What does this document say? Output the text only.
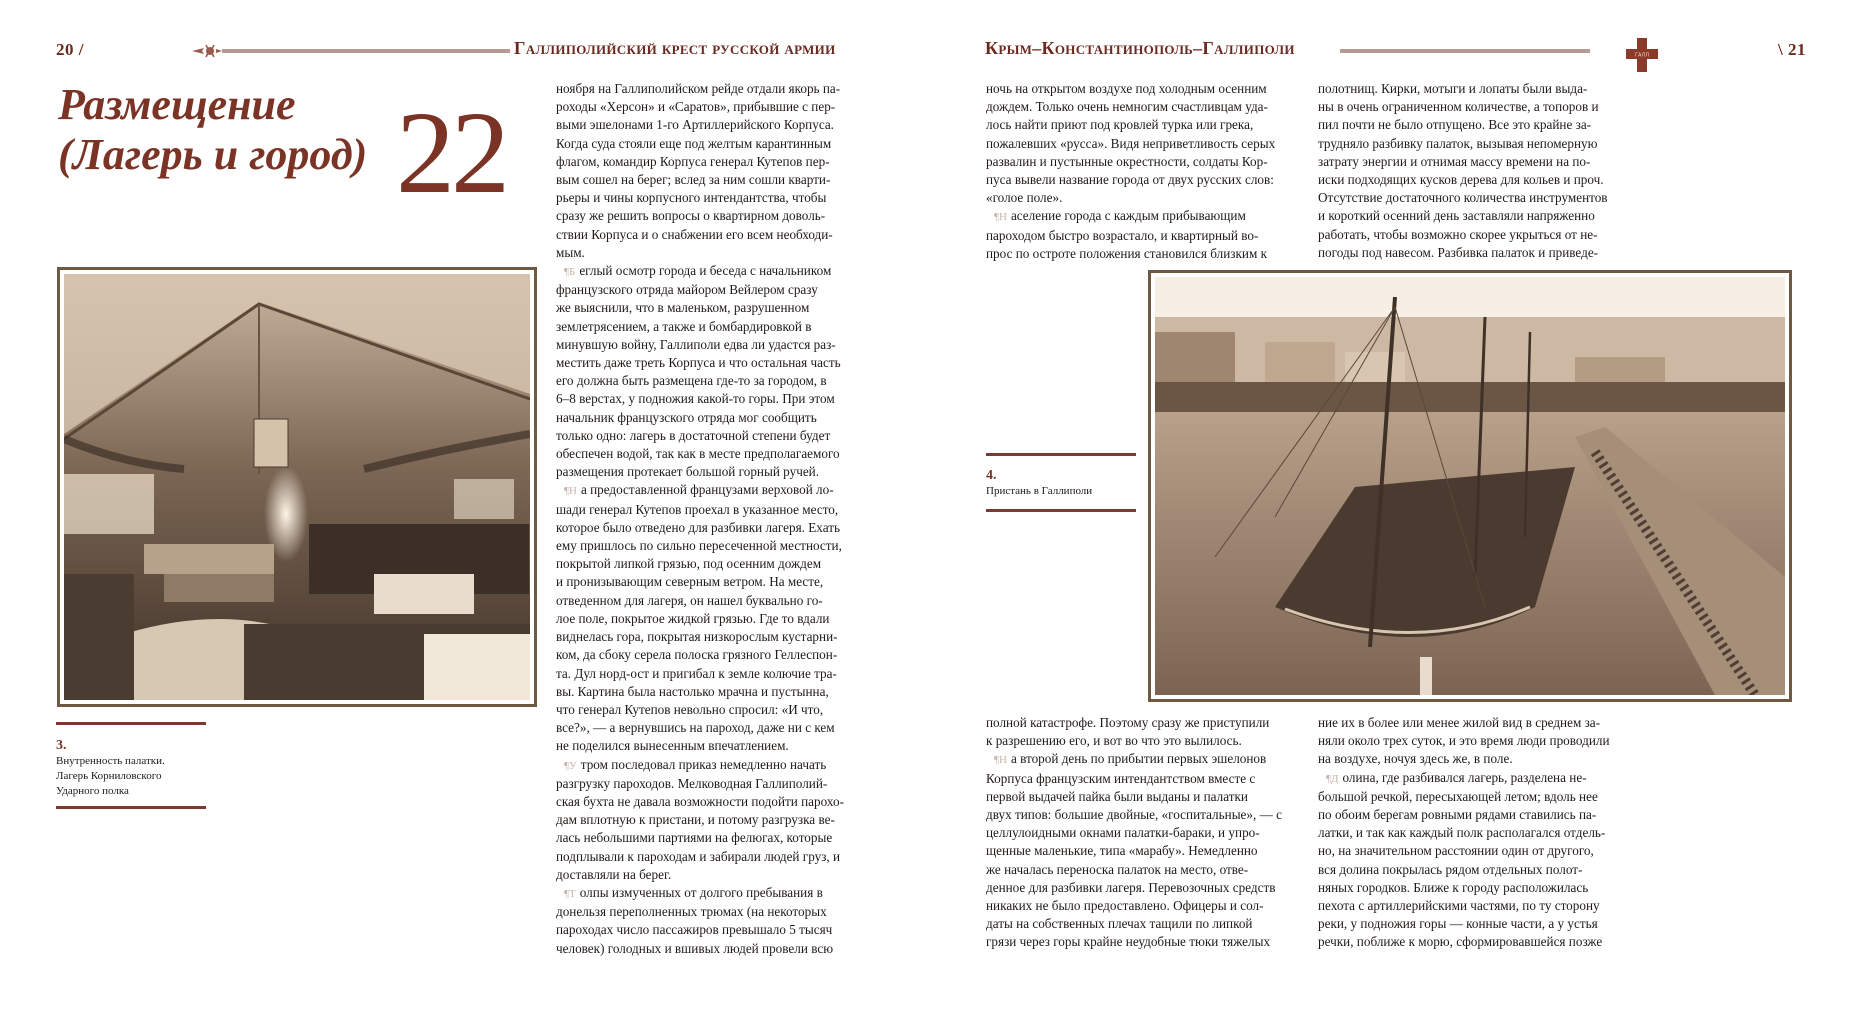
20 /	Галлиполийский крест русской армии
Размещение
(Лагерь и город) 22	ноября на Галлиполийском рейде отдали якорь па-

роходы «Херсон» и «Саратов», прибывшие с пер-

выми эшелонами 1-го Артиллерийского Корпуса.

Когда суда стояли еще под желтым карантинным

флагом, командир Корпуса генерал Кутепов пер-

вым сошел на берег; вслед за ним сошли кварти-

рьеры и чины корпусного интендантства, чтобы

сразу же решить вопросы о квартирном доволь-

ствии Корпуса и о снабжении его всем необходи-

мым.

¶Беглый осмотр города и беседа с начальником

французского отряда майором Вейлером сразу

же выяснили, что в маленьком, разрушенном

землетрясением, а также и бомбардировкой в

минувшую войну, Галлиполи едва ли удастся раз-

местить даже треть Корпуса и что остальная часть

его должна быть размещена где-то за городом, в

6–8 верстах, у подножия какой-то горы. При этом

начальник французского отряда мог сообщить

только одно: лагерь в достаточной степени будет

обеспечен водой, так как в месте предполагаемого

размещения протекает большой горный ручей.

¶На предоставленной французами верховой ло-

шади генерал Кутепов проехал в указанное место,

которое было отведено для разбивки лагеря. Ехать

ему пришлось по сильно пересеченной местности,

покрытой липкой грязью, под осенним дождем

и пронизывающим северным ветром. На месте,

отведенном для лагеря, он нашел буквально го-

лое поле, покрытое жидкой грязью. Где то вдали

виднелась гора, покрытая низкорослым кустарни-

ком, да сбоку серела полоска грязного Геллеспон-

та. Дул норд-ост и пригибал к земле колючие тра-

вы. Картина была настолько мрачна и пустынна,

что генерал Кутепов невольно спросил: «И что,

все?», — а вернувшись на пароход, даже ни с кем

не поделился вынесенным впечатлением.

¶Утром последовал приказ немедленно начать

разгрузку пароходов. Мелководная Галлиполий-

ская бухта не давала возможности подойти парохо-

дам вплотную к пристани, и потому разгрузка ве-

лась небольшими партиями на фелюгах, которые

подплывали к пароходам и забирали людей груз, и

доставляли на берег.

¶Толпы измученных от долгого пребывания в

донельзя переполненных трюмах (на некоторых

пароходах число пассажиров превышало 5 тысяч

человек) голодных и вшивых людей провели всю

3.
Внутренность палатки.
Лагерь Корниловского
Ударного полка
Крым–Константинополь–Галлиполи	ГАЛЛ	\ 21

ночь на открытом воздухе под холодным осенним

дождем. Только очень немногим счастливцам уда-

лось найти приют под кровлей турка или грека,

пожалевших «русса». Видя неприветливость серых

развалин и пустынные окрестности, солдаты Кор-

пуса вывели название города от двух русских слов:

«голое поле».

¶Население города с каждым прибывающим

пароходом быстро возрастало, и квартирный во-

прос по остроте положения становился близким к

полотнищ. Кирки, мотыги и лопаты были выда-

ны в очень ограниченном количестве, а топоров и

пил почти не было отпущено. Все это крайне за-

трудняло разбивку палаток, вызывая непомерную

затрату энергии и отнимая массу времени на по-

иски подходящих кусков дерева для кольев и проч.

Отсутствие достаточного количества инструментов

и короткий осенний день заставляли напряженно

работать, чтобы возможно скорее укрыться от не-

погоды под навесом. Разбивка палаток и приведе-

4.
Пристань в Галлиполи

полной катастрофе. Поэтому сразу же приступили

к разрешению его, и вот во что это вылилось.

¶На второй день по прибытии первых эшелонов

Корпуса французским интендантством вместе с

первой выдачей пайка были выданы и палатки

двух типов: большие двойные, «госпитальные», — с

целлулоидными окнами палатки-бараки, и упро-

щенные маленькие, типа «марабу». Немедленно

же началась переноска палаток на место, отве-

денное для разбивки лагеря. Перевозочных средств

никаких не было предоставлено. Офицеры и сол-

даты на собственных плечах тащили по липкой

грязи через горы крайне неудобные тюки тяжелых

ние их в более или менее жилой вид в среднем за-

няли около трех суток, и это время люди проводили

на воздухе, ночуя здесь же, в поле.

¶Долина, где разбивался лагерь, разделена не-

большой речкой, пересыхающей летом; вдоль нее

по обоим берегам ровными рядами ставились па-

латки, и так как каждый полк располагался отдель-

но, на значительном расстоянии один от другого,

вся долина покрылась рядом отдельных полот-

няных городков. Ближе к городу расположилась

пехота с артиллерийскими частями, по ту сторону

реки, у подножия горы — конные части, а у устья

речки, поближе к морю, сформировавшейся позже
